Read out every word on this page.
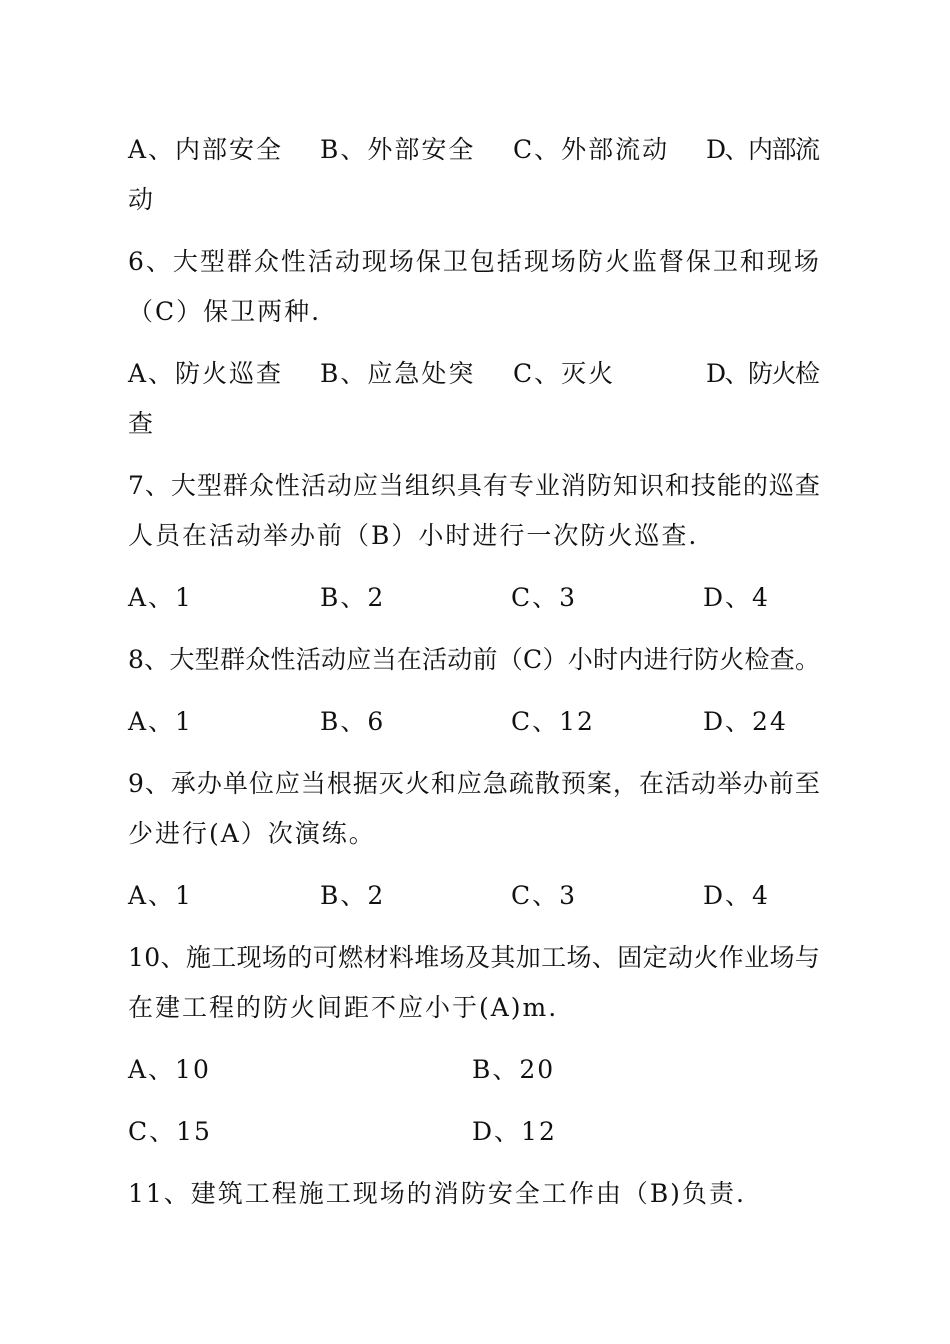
A、内部安全 B、外部安全 C、外部流动 D、内部流
动
6、大型群众性活动现场保卫包括现场防火监督保卫和现场
（C）保卫两种.
A、防火巡查 B、应急处突 C、灭火	D、防火检
查
7、大型群众性活动应当组织具有专业消防知识和技能的巡查
人员在活动举办前（B）小时进行一次防火巡查.
A、1	B、2	C、3	D、4
8、大型群众性活动应当在活动前（C）小时内进行防火检查。
A、1	B、6	C、12	D、24
9、承办单位应当根据灭火和应急疏散预案，在活动举办前至
少进行(A）次演练。
A、1	B、2	C、3	D、4
10、施工现场的可燃材料堆场及其加工场、固定动火作业场与
在建工程的防火间距不应小于(A)m.
A、10	B、20
C、15	D、12
11、建筑工程施工现场的消防安全工作由（B)负责.
